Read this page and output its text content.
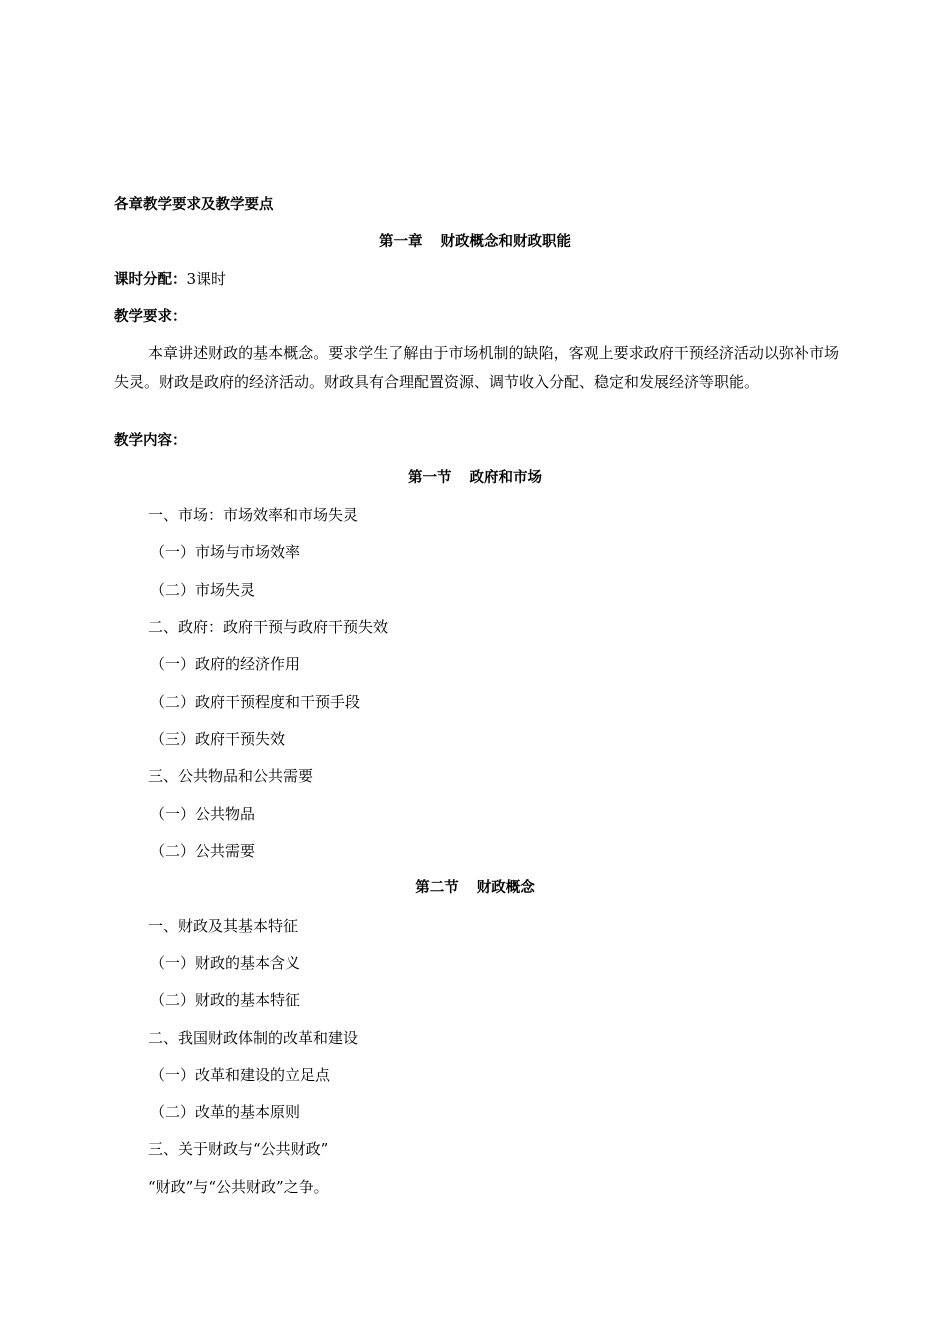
各章教学要求及教学要点
第一章 财政概念和财政职能
课时分配：3课时
教学要求：
本章讲述财政的基本概念。要求学生了解由于市场机制的缺陷，客观上要求政府干预经济活动以弥补市场失灵。财政是政府的经济活动。财政具有合理配置资源、调节收入分配、稳定和发展经济等职能。
教学内容：
第一节 政府和市场
一、市场：市场效率和市场失灵
（一）市场与市场效率
（二）市场失灵
二、政府：政府干预与政府干预失效
（一）政府的经济作用
（二）政府干预程度和干预手段
（三）政府干预失效
三、公共物品和公共需要
（一）公共物品
（二）公共需要
第二节 财政概念
一、财政及其基本特征
（一）财政的基本含义
（二）财政的基本特征
二、我国财政体制的改革和建设
（一）改革和建设的立足点
（二）改革的基本原则
三、关于财政与“公共财政”
“财政”与“公共财政”之争。
